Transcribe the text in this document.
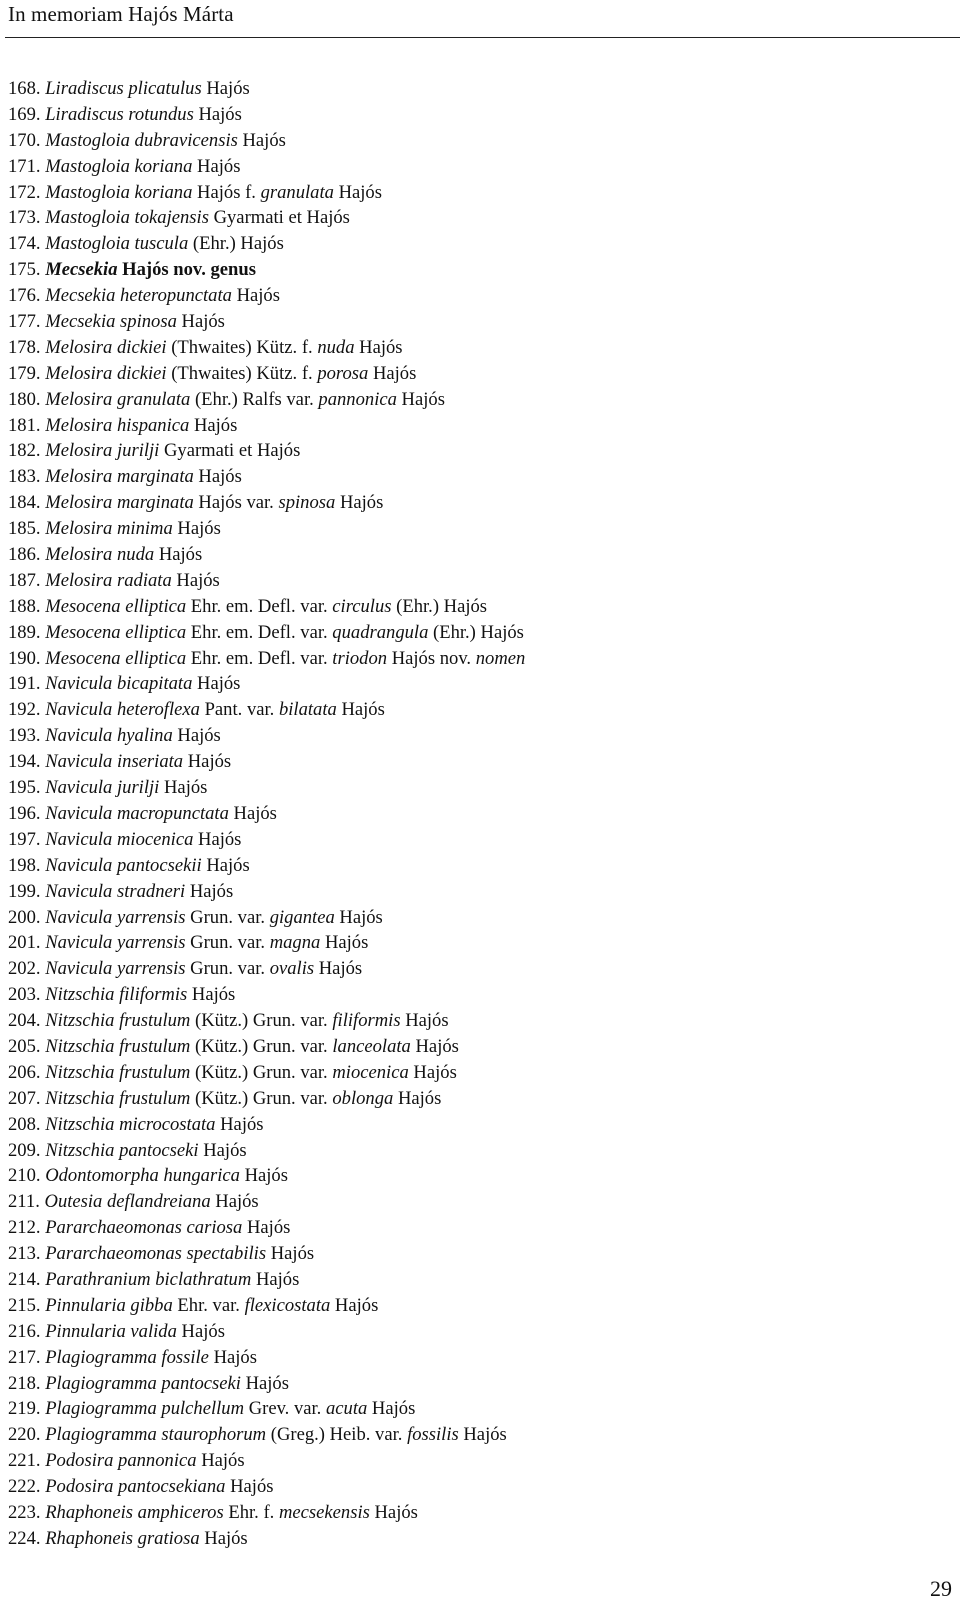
In memoriam Hajós Márta
168. Liradiscus plicatulus Hajós
169. Liradiscus rotundus Hajós
170. Mastogloia dubravicensis Hajós
171. Mastogloia koriana Hajós
172. Mastogloia koriana Hajós f. granulata Hajós
173. Mastogloia tokajensis Gyarmati et Hajós
174. Mastogloia tuscula (Ehr.) Hajós
175. Mecsekia Hajós nov. genus
176. Mecsekia heteropunctata Hajós
177. Mecsekia spinosa Hajós
178. Melosira dickiei (Thwaites) Kütz. f. nuda Hajós
179. Melosira dickiei (Thwaites) Kütz. f. porosa Hajós
180. Melosira granulata (Ehr.) Ralfs var. pannonica Hajós
181. Melosira hispanica Hajós
182. Melosira jurilji Gyarmati et Hajós
183. Melosira marginata Hajós
184. Melosira marginata Hajós var. spinosa Hajós
185. Melosira minima Hajós
186. Melosira nuda Hajós
187. Melosira radiata Hajós
188. Mesocena elliptica Ehr. em. Defl. var. circulus (Ehr.) Hajós
189. Mesocena elliptica Ehr. em. Defl. var. quadrangula (Ehr.) Hajós
190. Mesocena elliptica Ehr. em. Defl. var. triodon Hajós nov. nomen
191. Navicula bicapitata Hajós
192. Navicula heteroflexa Pant. var. bilatata Hajós
193. Navicula hyalina Hajós
194. Navicula inseriata Hajós
195. Navicula jurilji Hajós
196. Navicula macropunctata Hajós
197. Navicula miocenica Hajós
198. Navicula pantocsekii Hajós
199. Navicula stradneri Hajós
200. Navicula yarrensis Grun. var. gigantea Hajós
201. Navicula yarrensis Grun. var. magna Hajós
202. Navicula yarrensis Grun. var. ovalis Hajós
203. Nitzschia filiformis Hajós
204. Nitzschia frustulum (Kütz.) Grun. var. filiformis Hajós
205. Nitzschia frustulum (Kütz.) Grun. var. lanceolata Hajós
206. Nitzschia frustulum (Kütz.) Grun. var. miocenica Hajós
207. Nitzschia frustulum (Kütz.) Grun. var. oblonga Hajós
208. Nitzschia microcostata Hajós
209. Nitzschia pantocseki Hajós
210. Odontomorpha hungarica Hajós
211. Outesia deflandreiana Hajós
212. Pararchaeomonas cariosa Hajós
213. Pararchaeomonas spectabilis Hajós
214. Parathranium biclathratum Hajós
215. Pinnularia gibba Ehr. var. flexicostata Hajós
216. Pinnularia valida Hajós
217. Plagiogramma fossile Hajós
218. Plagiogramma pantocseki Hajós
219. Plagiogramma pulchellum Grev. var. acuta Hajós
220. Plagiogramma staurophorum (Greg.) Heib. var. fossilis Hajós
221. Podosira pannonica Hajós
222. Podosira pantocsekiana Hajós
223. Rhaphoneis amphiceros Ehr. f. mecsekensis Hajós
224. Rhaphoneis gratiosa Hajós
29
